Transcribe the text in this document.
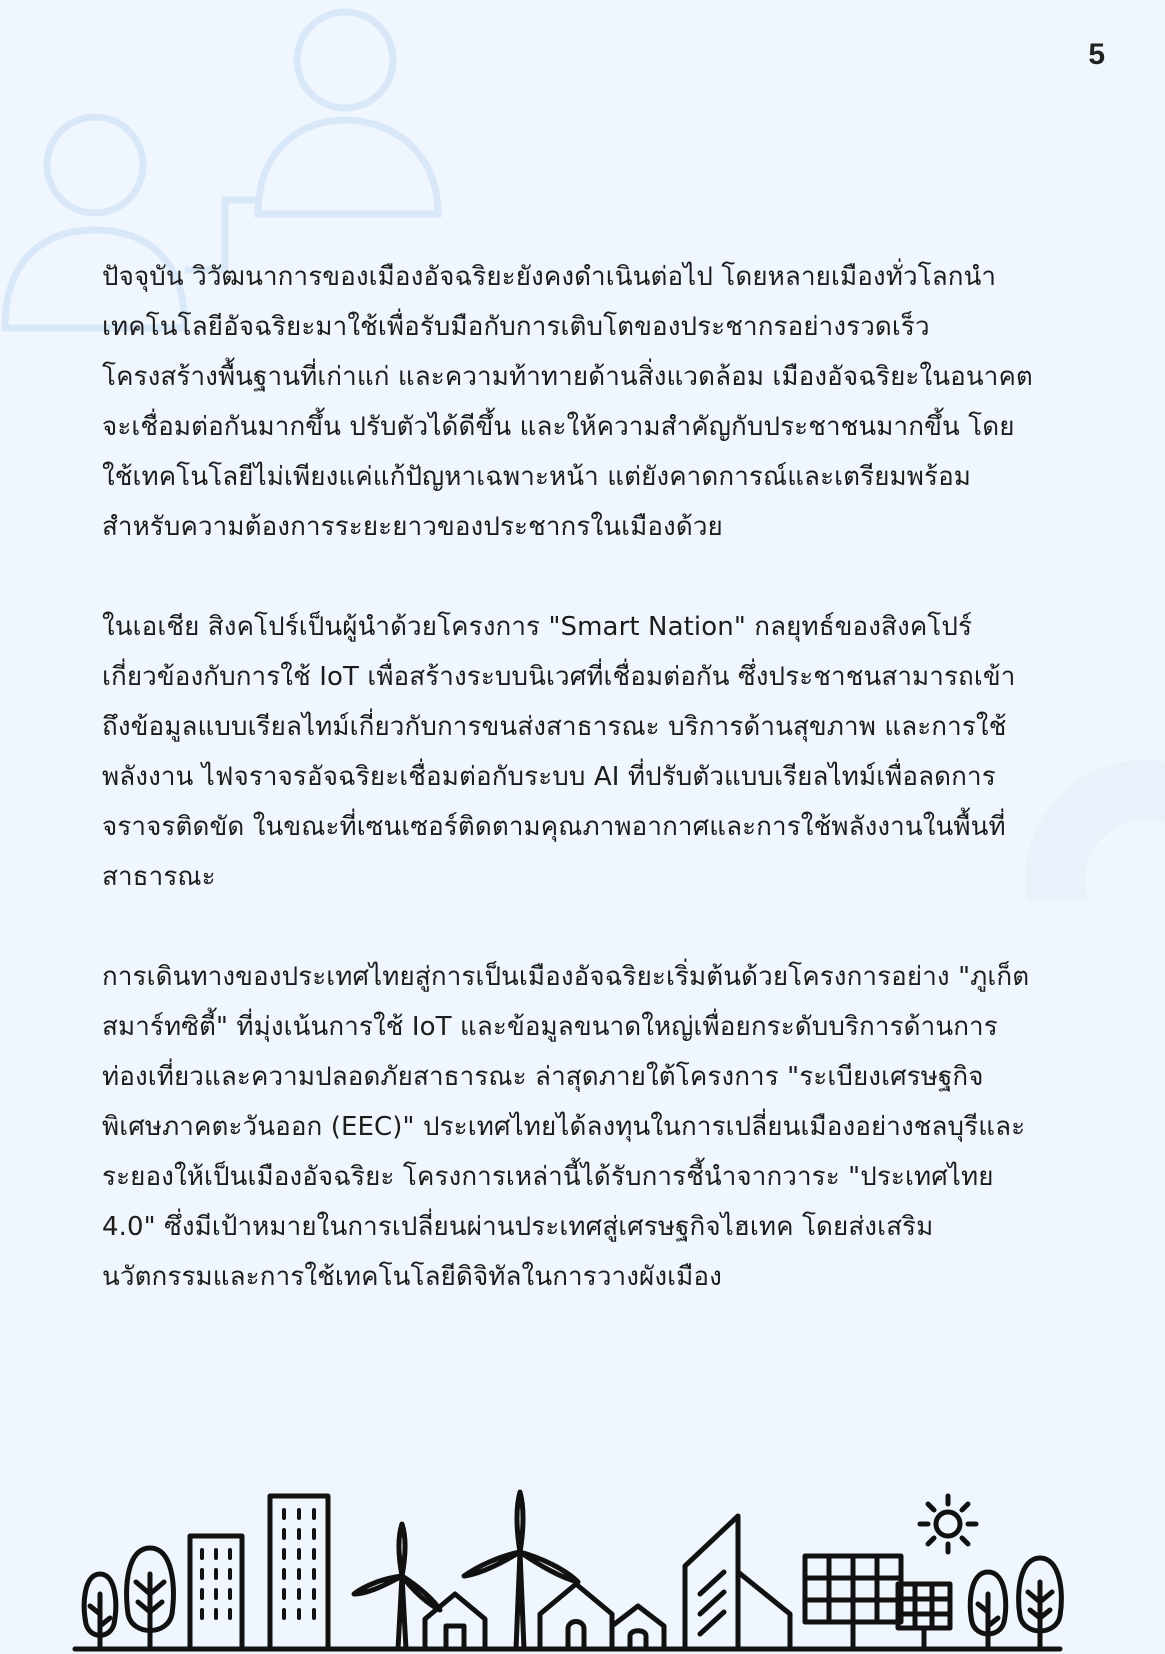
5

ปัจจุบัน วิวัฒนาการของเมืองอัจฉริยะยังคงดำเนินต่อไป โดยหลายเมืองทั่วโลกนำเทคโนโลยีอัจฉริยะมาใช้เพื่อรับมือกับการเติบโตของประชากรอย่างรวดเร็ว โครงสร้างพื้นฐานที่เก่าแก่ และความท้าทายด้านสิ่งแวดล้อม เมืองอัจฉริยะในอนาคตจะเชื่อมต่อกันมากขึ้น ปรับตัวได้ดีขึ้น และให้ความสำคัญกับประชาชนมากขึ้น โดยใช้เทคโนโลยีไม่เพียงแค่แก้ปัญหาเฉพาะหน้า แต่ยังคาดการณ์และเตรียมพร้อมสำหรับความต้องการระยะยาวของประชากรในเมืองด้วย

ในเอเชีย สิงคโปร์เป็นผู้นำด้วยโครงการ "Smart Nation" กลยุทธ์ของสิงคโปร์เกี่ยวข้องกับการใช้ IoT เพื่อสร้างระบบนิเวศที่เชื่อมต่อกัน ซึ่งประชาชนสามารถเข้าถึงข้อมูลแบบเรียลไทม์เกี่ยวกับการขนส่งสาธารณะ บริการด้านสุขภาพ และการใช้พลังงาน ไฟจราจรอัจฉริยะเชื่อมต่อกับระบบ AI ที่ปรับตัวแบบเรียลไทม์เพื่อลดการจราจรติดขัด ในขณะที่เซนเซอร์ติดตามคุณภาพอากาศและการใช้พลังงานในพื้นที่สาธารณะ

การเดินทางของประเทศไทยสู่การเป็นเมืองอัจฉริยะเริ่มต้นด้วยโครงการอย่าง "ภูเก็ตสมาร์ทซิตี้" ที่มุ่งเน้นการใช้ IoT และข้อมูลขนาดใหญ่เพื่อยกระดับบริการด้านการท่องเที่ยวและความปลอดภัยสาธารณะ ล่าสุดภายใต้โครงการ "ระเบียงเศรษฐกิจพิเศษภาคตะวันออก (EEC)" ประเทศไทยได้ลงทุนในการเปลี่ยนเมืองอย่างชลบุรีและระยองให้เป็นเมืองอัจฉริยะ โครงการเหล่านี้ได้รับการชี้นำจากวาระ "ประเทศไทย 4.0" ซึ่งมีเป้าหมายในการเปลี่ยนผ่านประเทศสู่เศรษฐกิจไฮเทค โดยส่งเสริมนวัตกรรมและการใช้เทคโนโลยีดิจิทัลในการวางผังเมือง
